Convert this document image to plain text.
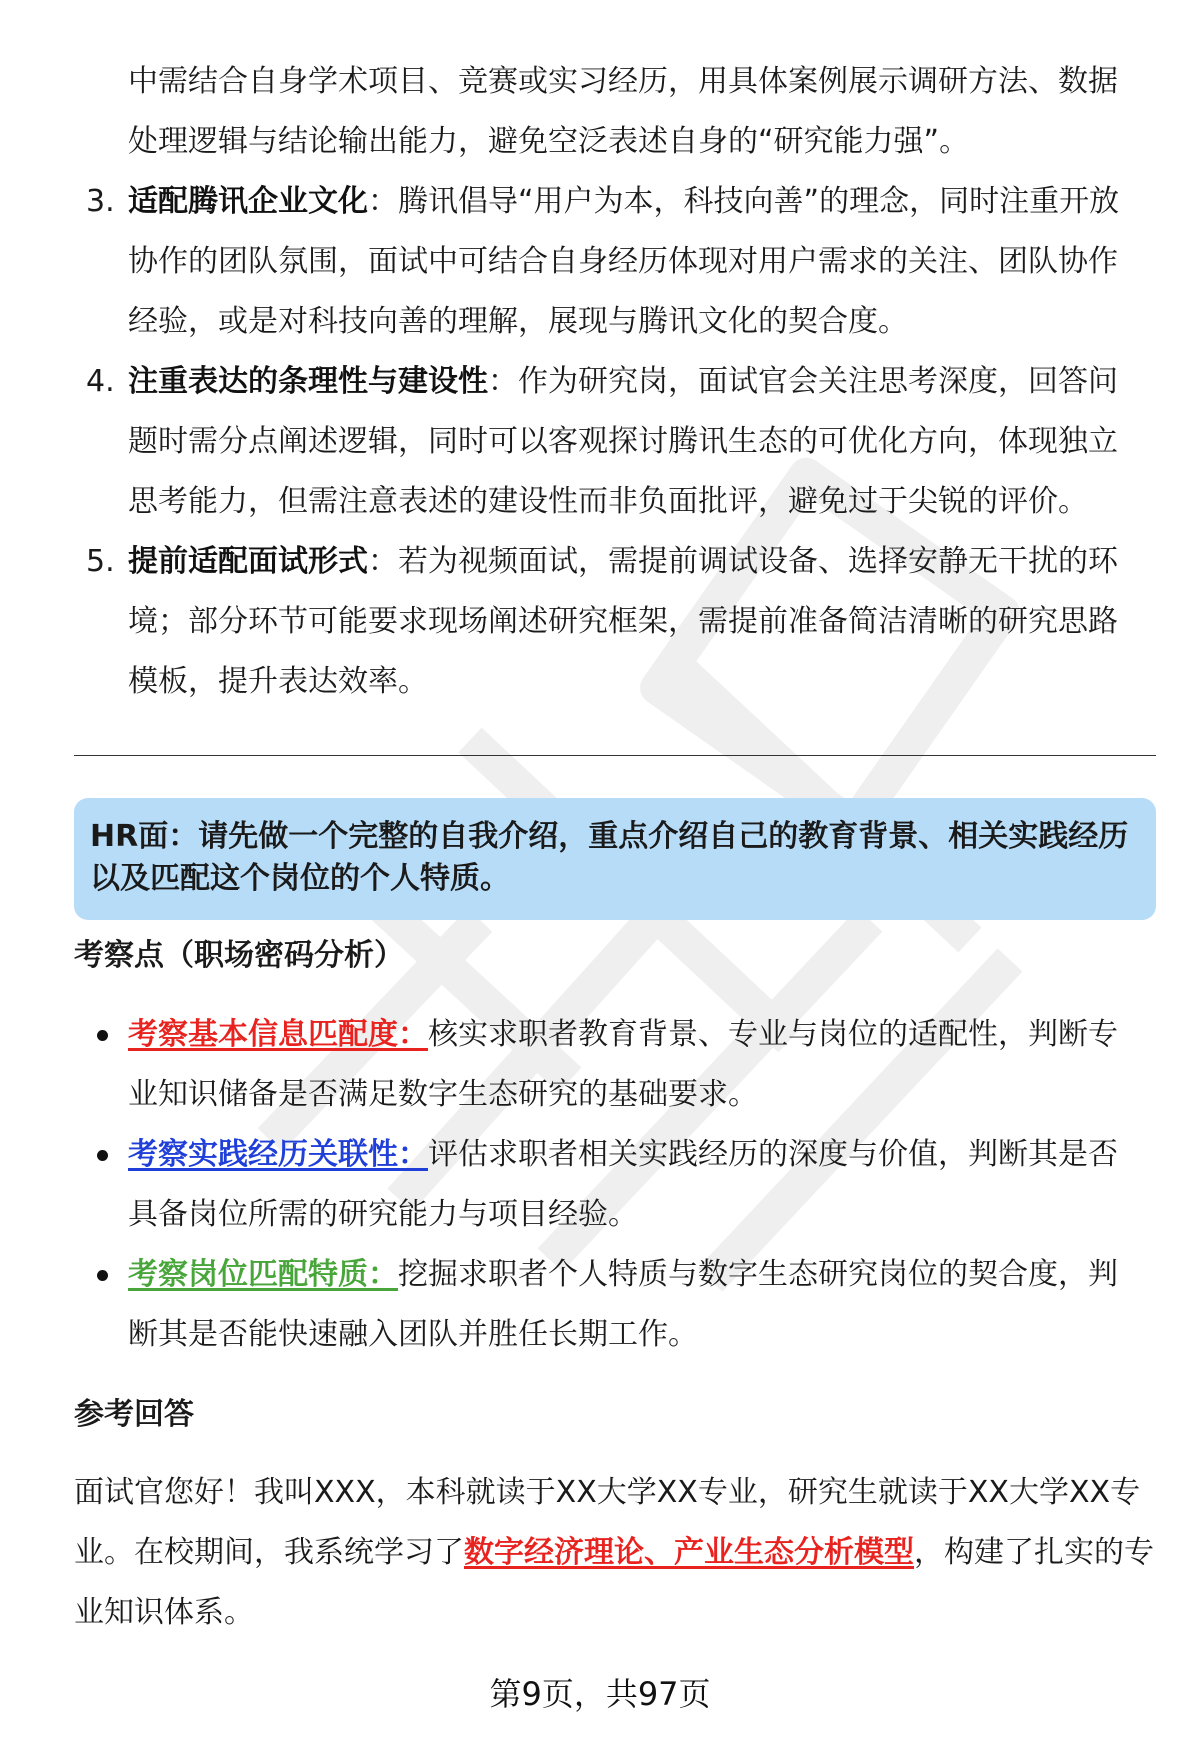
中需结合自身学术项目、竞赛或实习经历，用具体案例展示调研方法、数据处理逻辑与结论输出能力，避免空泛表述自身的“研究能力强”。

3. 适配腾讯企业文化：腾讯倡导“用户为本，科技向善”的理念，同时注重开放协作的团队氛围，面试中可结合自身经历体现对用户需求的关注、团队协作经验，或是对科技向善的理解，展现与腾讯文化的契合度。

4. 注重表达的条理性与建设性：作为研究岗，面试官会关注思考深度，回答问题时需分点阐述逻辑，同时可以客观探讨腾讯生态的可优化方向，体现独立思考能力，但需注意表述的建设性而非负面批评，避免过于尖锐的评价。

5. 提前适配面试形式：若为视频面试，需提前调试设备、选择安静无干扰的环境；部分环节可能要求现场阐述研究框架，需提前准备简洁清晰的研究思路模板，提升表达效率。

HR面：请先做一个完整的自我介绍，重点介绍自己的教育背景、相关实践经历以及匹配这个岗位的个人特质。
考察点（职场密码分析）

考察基本信息匹配度：核实求职者教育背景、专业与岗位的适配性，判断专业知识储备是否满足数字生态研究的基础要求。

考察实践经历关联性：评估求职者相关实践经历的深度与价值，判断其是否具备岗位所需的研究能力与项目经验。

考察岗位匹配特质：挖掘求职者个人特质与数字生态研究岗位的契合度，判断其是否能快速融入团队并胜任长期工作。

参考回答

面试官您好！我叫XXX，本科就读于XX大学XX专业，研究生就读于XX大学XX专业。在校期间，我系统学习了数字经济理论、产业生态分析模型，构建了扎实的专业知识体系。

第9页，共97页
